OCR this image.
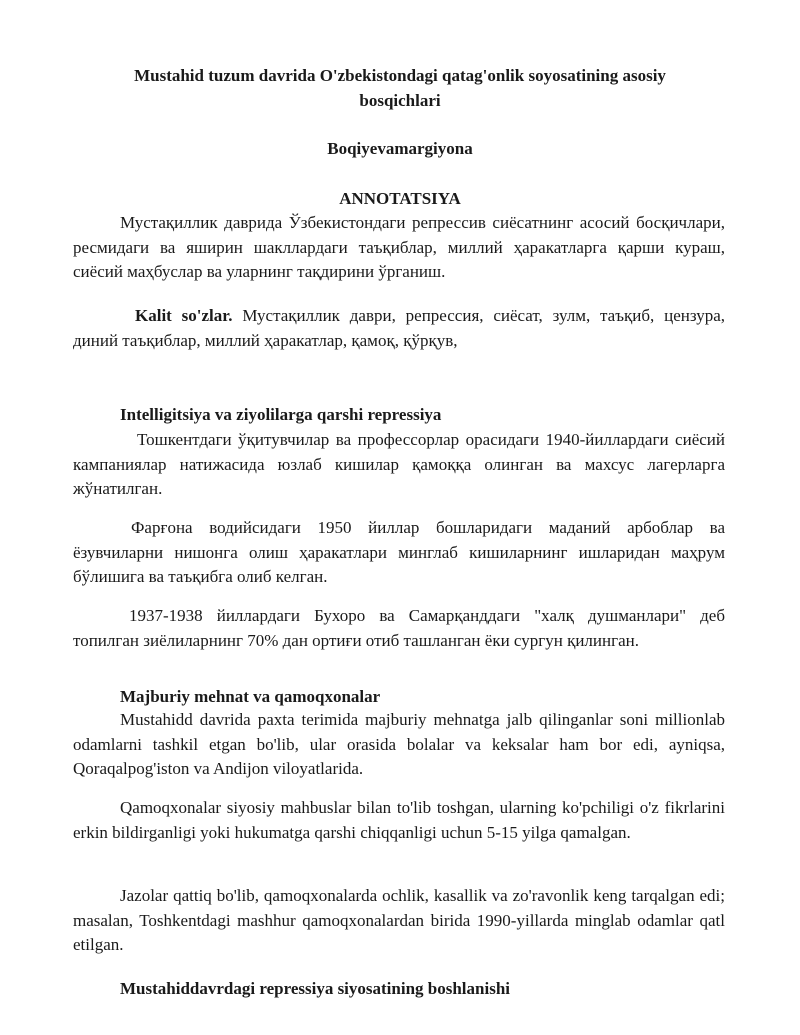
Mustahid tuzum davrida O'zbekistondagi qatag'onlik soyosatining asosiy
bosqichlari

Boqiyevamargiyona

ANNOTATSIYA

Мустақиллик даврида Ўзбекистондаги репрессив сиёсатнинг асосий босқичлари, ресмидаги ва яширин шакллардаги таъқиблар, миллий ҳаракатларга қарши кураш, сиёсий маҳбуслар ва уларнинг тақдирини ўрганиш.

Kalit so'zlar. Мустақиллик даври, репрессия, сиёсат, зулм, таъқиб, цензура, диний таъқиблар, миллий ҳаракатлар, қамоқ, қўрқув,

Intelligitsiya va ziyolilarga qarshi repressiya

Тошкентдаги ўқитувчилар ва профессорлар орасидаги 1940-йиллардаги сиёсий кампаниялар натижасида юзлаб кишилар қамоққа олинган ва махсус лагерларга жўнатилган.

Фарғона водийсидаги 1950 йиллар бошларидаги маданий арбоблар ва ёзувчиларни нишонга олиш ҳаракатлари минглаб кишиларнинг ишларидан маҳрум бўлишига ва таъқибга олиб келган.

1937-1938 йиллардаги Бухоро ва Самарқанддаги "халқ душманлари" деб топилган зиёлиларнинг 70% дан ортиғи отиб ташланган ёки сургун қилинган.

Majburiy mehnat va qamoqxonalar

Mustahidd davrida paxta terimida majburiy mehnatga jalb qilinganlar soni millionlab odamlarni tashkil etgan bo'lib, ular orasida bolalar va keksalar ham bor edi, ayniqsa, Qoraqalpog'iston va Andijon viloyatlarida.

Qamoqxonalar siyosiy mahbuslar bilan to'lib toshgan, ularning ko'pchiligi o'z fikrlarini erkin bildirganligi yoki hukumatga qarshi chiqqanligi uchun 5-15 yilga qamalgan.

Jazolar qattiq bo'lib, qamoqxonalarda ochlik, kasallik va zo'ravonlik keng tarqalgan edi; masalan, Toshkentdagi mashhur qamoqxonalardan birida 1990-yillarda minglab odamlar qatl etilgan.

Mustahiddavrdagi repressiya siyosatining boshlanishi
